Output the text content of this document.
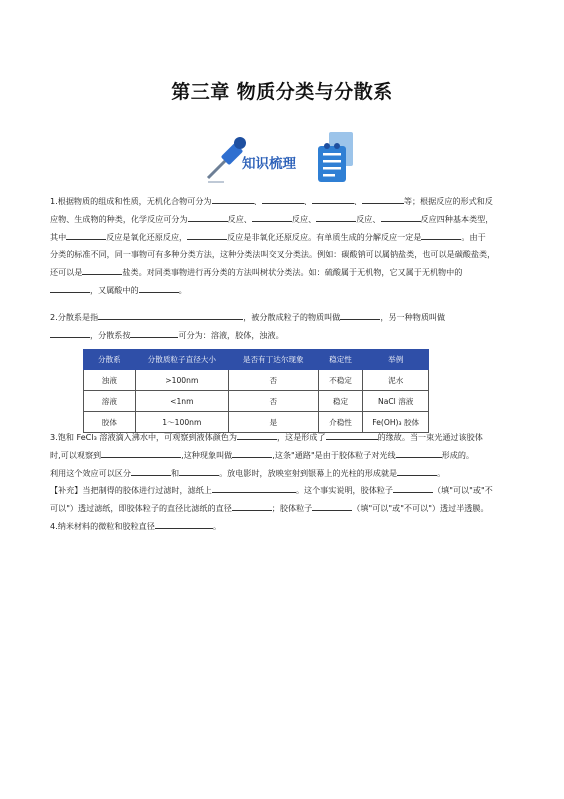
第三章 物质分类与分散系
知识梳理

1.根据物质的组成和性质，无机化合物可分为	、	、	、	等；根据反应的形式和反

应物、生成物的种类，化学反应可分为	反应、	反应、	反应、	反应四种基本类型，

其中	反应是氧化还原反应，	反应是非氧化还原反应。有单质生成的分解反应一定是	。由于

分类的标准不同，同一事物可有多种分类方法，这种分类法叫交叉分类法。例如：碳酸钠可以属钠盐类，也可以是碳酸盐类，

还可以是	盐类。对同类事物进行再分类的方法叫树状分类法。如：硫酸属于无机物，它又属于无机物中的

，又属酸中的	。

2.分散系是指	，被分散成粒子的物质叫做	，另一种物质叫做

，分散系按	可分为：溶液，胶体，浊液。

分散系	分散质粒子直径大小	是否有丁达尔现象	稳定性	举例
浊液	>100nm	否	不稳定	泥水
溶液	<1nm	否	稳定	NaCl 溶液
胶体	1～100nm	是	介稳性	Fe(OH)₃ 胶体

3.饱和 FeCl₃ 溶液滴入沸水中，可观察到液体颜色为	，这是形成了	的缘故。当一束光通过该胶体

时,可以观察到	,这种现象叫做	,这条"通路"是由于胶体粒子对光线	形成的。

利用这个效应可以区分	和	。放电影时，放映室射到银幕上的光柱的形成就是	。

【补充】当把制得的胶体进行过滤时，滤纸上	。这个事实说明，胶体粒子	（填"可以"或"不

可以"）透过滤纸，即胶体粒子的直径比滤纸的直径	；胶体粒子	（填"可以"或"不可以"）透过半透膜。

4.纳米材料的微粒和胶粒直径	。
